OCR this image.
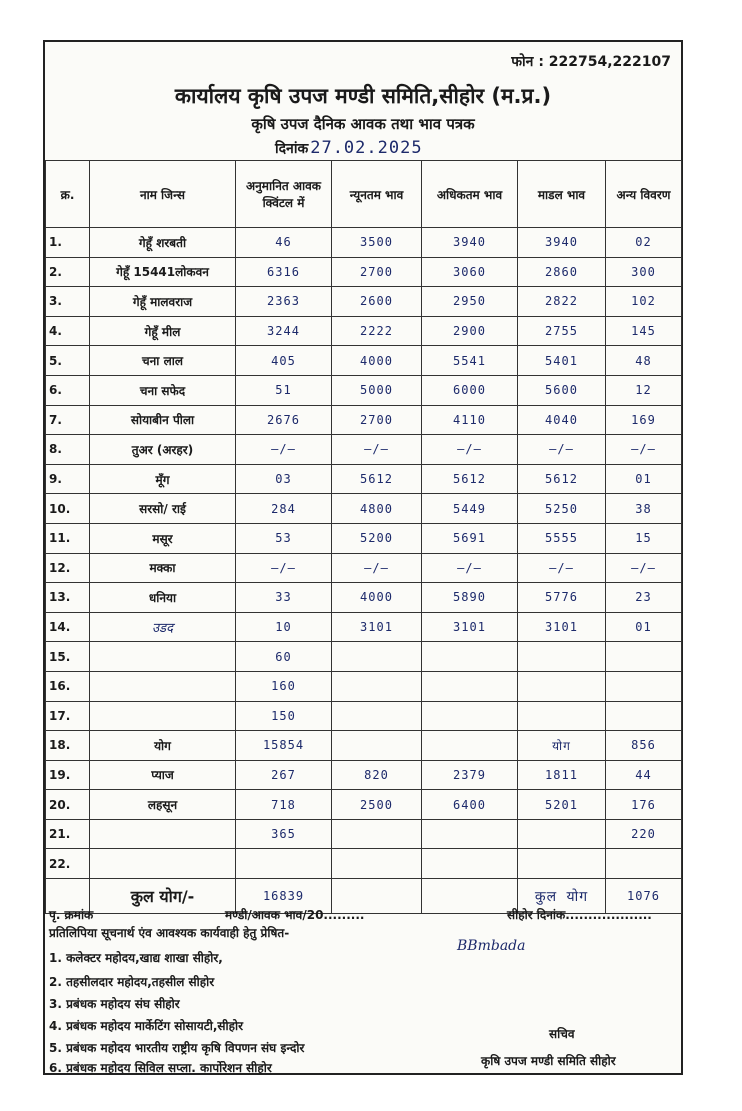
फोन : 222754,222107
कार्यालय कृषि उपज मण्डी समिति,सीहोर (म.प्र.)
कृषि उपज दैनिक आवक तथा भाव पत्रक
दिनांक 27.02.2025
क्र.	नाम जिन्स	अनुमानित आवक क्विंटल में	न्यूनतम भाव	अधिकतम भाव	माडल भाव	अन्य विवरण
1.	गेहूँ शरबती	46	3500	3940	3940	02
2.	गेहूँ 15441लोकवन	6316	2700	3060	2860	300
3.	गेहूँ मालवराज	2363	2600	2950	2822	102
4.	गेहूँ मील	3244	2222	2900	2755	145
5.	चना लाल	405	4000	5541	5401	48
6.	चना सफेद	51	5000	6000	5600	12
7.	सोयाबीन पीला	2676	2700	4110	4040	169
8.	तुअर (अरहर)	—/—	—/—	—/—	—/—	—/—
9.	मूँग	03	5612	5612	5612	01
10.	सरसो/ राई	284	4800	5449	5250	38
11.	मसूर	53	5200	5691	5555	15
12.	मक्का	—/—	—/—	—/—	—/—	—/—
13.	धनिया	33	4000	5890	5776	23
14.	उडद	10	3101	3101	3101	01
15.		60				
16.		160				
17.		150				
18.	योग	15854			योग	856
19.	प्याज	267	820	2379	1811	44
20.	लहसून	718	2500	6400	5201	176
21.		365				220
22.						
	कुल योग/-	16839			कुल योग	1076
पृ. क्रमांक	मण्डी/आवक भाव/20.........	सीहोर दिनांक...................
प्रतिलिपिया सूचनार्थ एंव आवश्यक कार्यवाही हेतु प्रेषित-
1. कलेक्टर महोदय,खाद्य शाखा सीहोर,
2. तहसीलदार महोदय,तहसील सीहोर
3. प्रबंधक महोदय संघ सीहोर
4. प्रबंधक महोदय मार्केटिंग सोसायटी,सीहोर
5. प्रबंधक महोदय भारतीय राष्ट्रीय कृषि विपणन संघ इन्दोर
6. प्रबंधक महोदय सिविल सप्ला. कार्पोरेशन सीहोर
सचिव
कृषि उपज मण्डी समिति सीहोर
BBmbada
